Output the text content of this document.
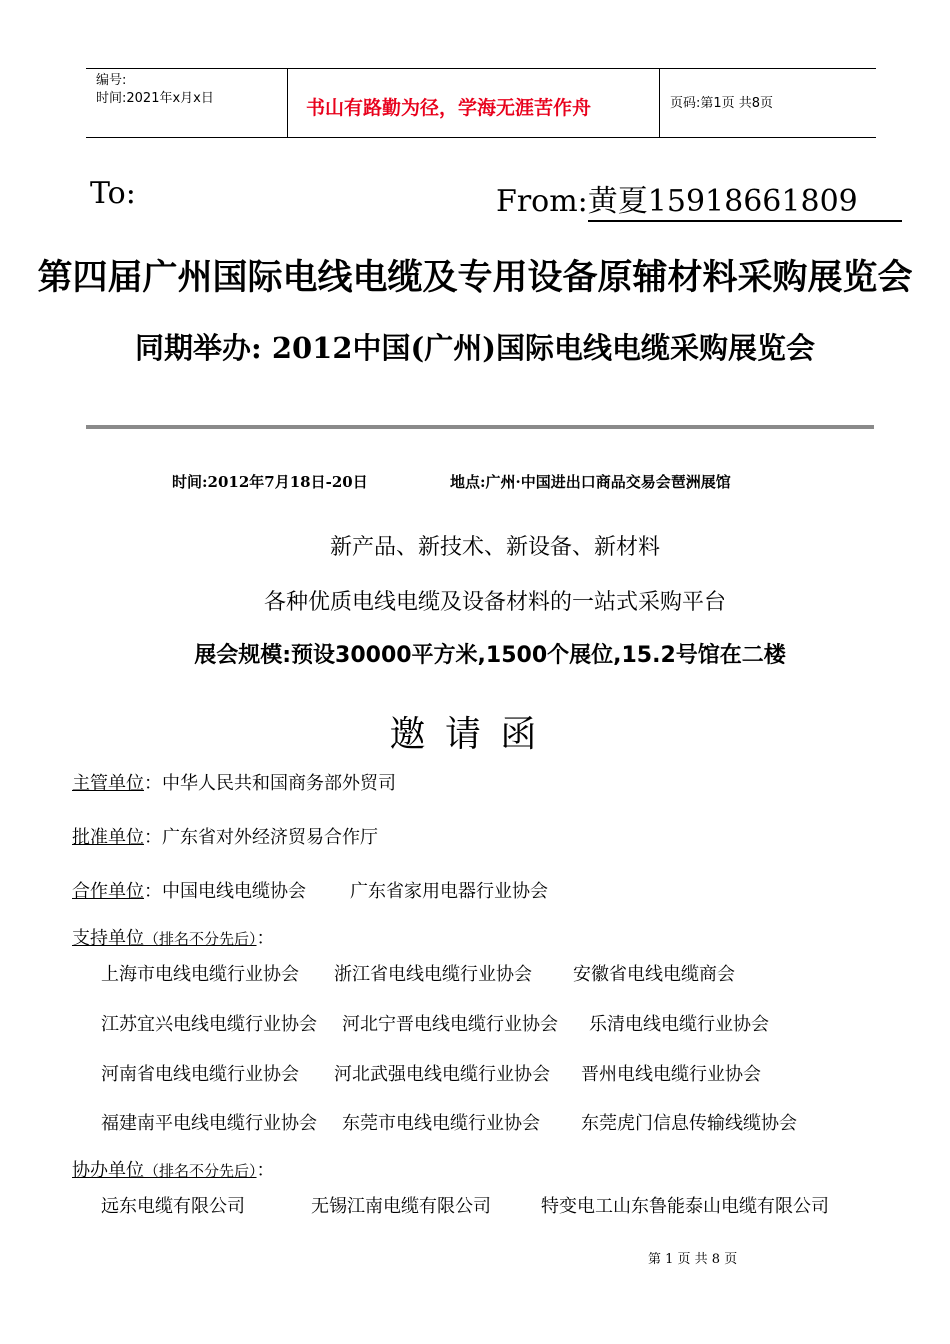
编号:
时间:2021年x月x日	书山有路勤为径，学海无涯苦作舟	页码:第1页 共8页
To:	From:黄夏15918661809
第四届广州国际电线电缆及专用设备原辅材料采购展览会
同期举办: 2012中国(广州)国际电线电缆采购展览会
时间:2012年7月18日-20日	地点:广州·中国进出口商品交易会琶洲展馆
新产品、新技术、新设备、新材料
各种优质电线电缆及设备材料的一站式采购平台
展会规模:预设30000平方米,1500个展位,15.2号馆在二楼
邀 请 函
主管单位：中华人民共和国商务部外贸司
批准单位：广东省对外经济贸易合作厅
合作单位：中国电线电缆协会 广东省家用电器行业协会
支持单位（排名不分先后）：
上海市电线电缆行业协会 浙江省电线电缆行业协会 安徽省电线电缆商会
江苏宜兴电线电缆行业协会 河北宁晋电线电缆行业协会 乐清电线电缆行业协会
河南省电线电缆行业协会 河北武强电线电缆行业协会 晋州电线电缆行业协会
福建南平电线电缆行业协会 东莞市电线电缆行业协会 东莞虎门信息传输线缆协会
协办单位（排名不分先后）：
远东电缆有限公司	无锡江南电缆有限公司	特变电工山东鲁能泰山电缆有限公司
第 1 页 共 8 页
